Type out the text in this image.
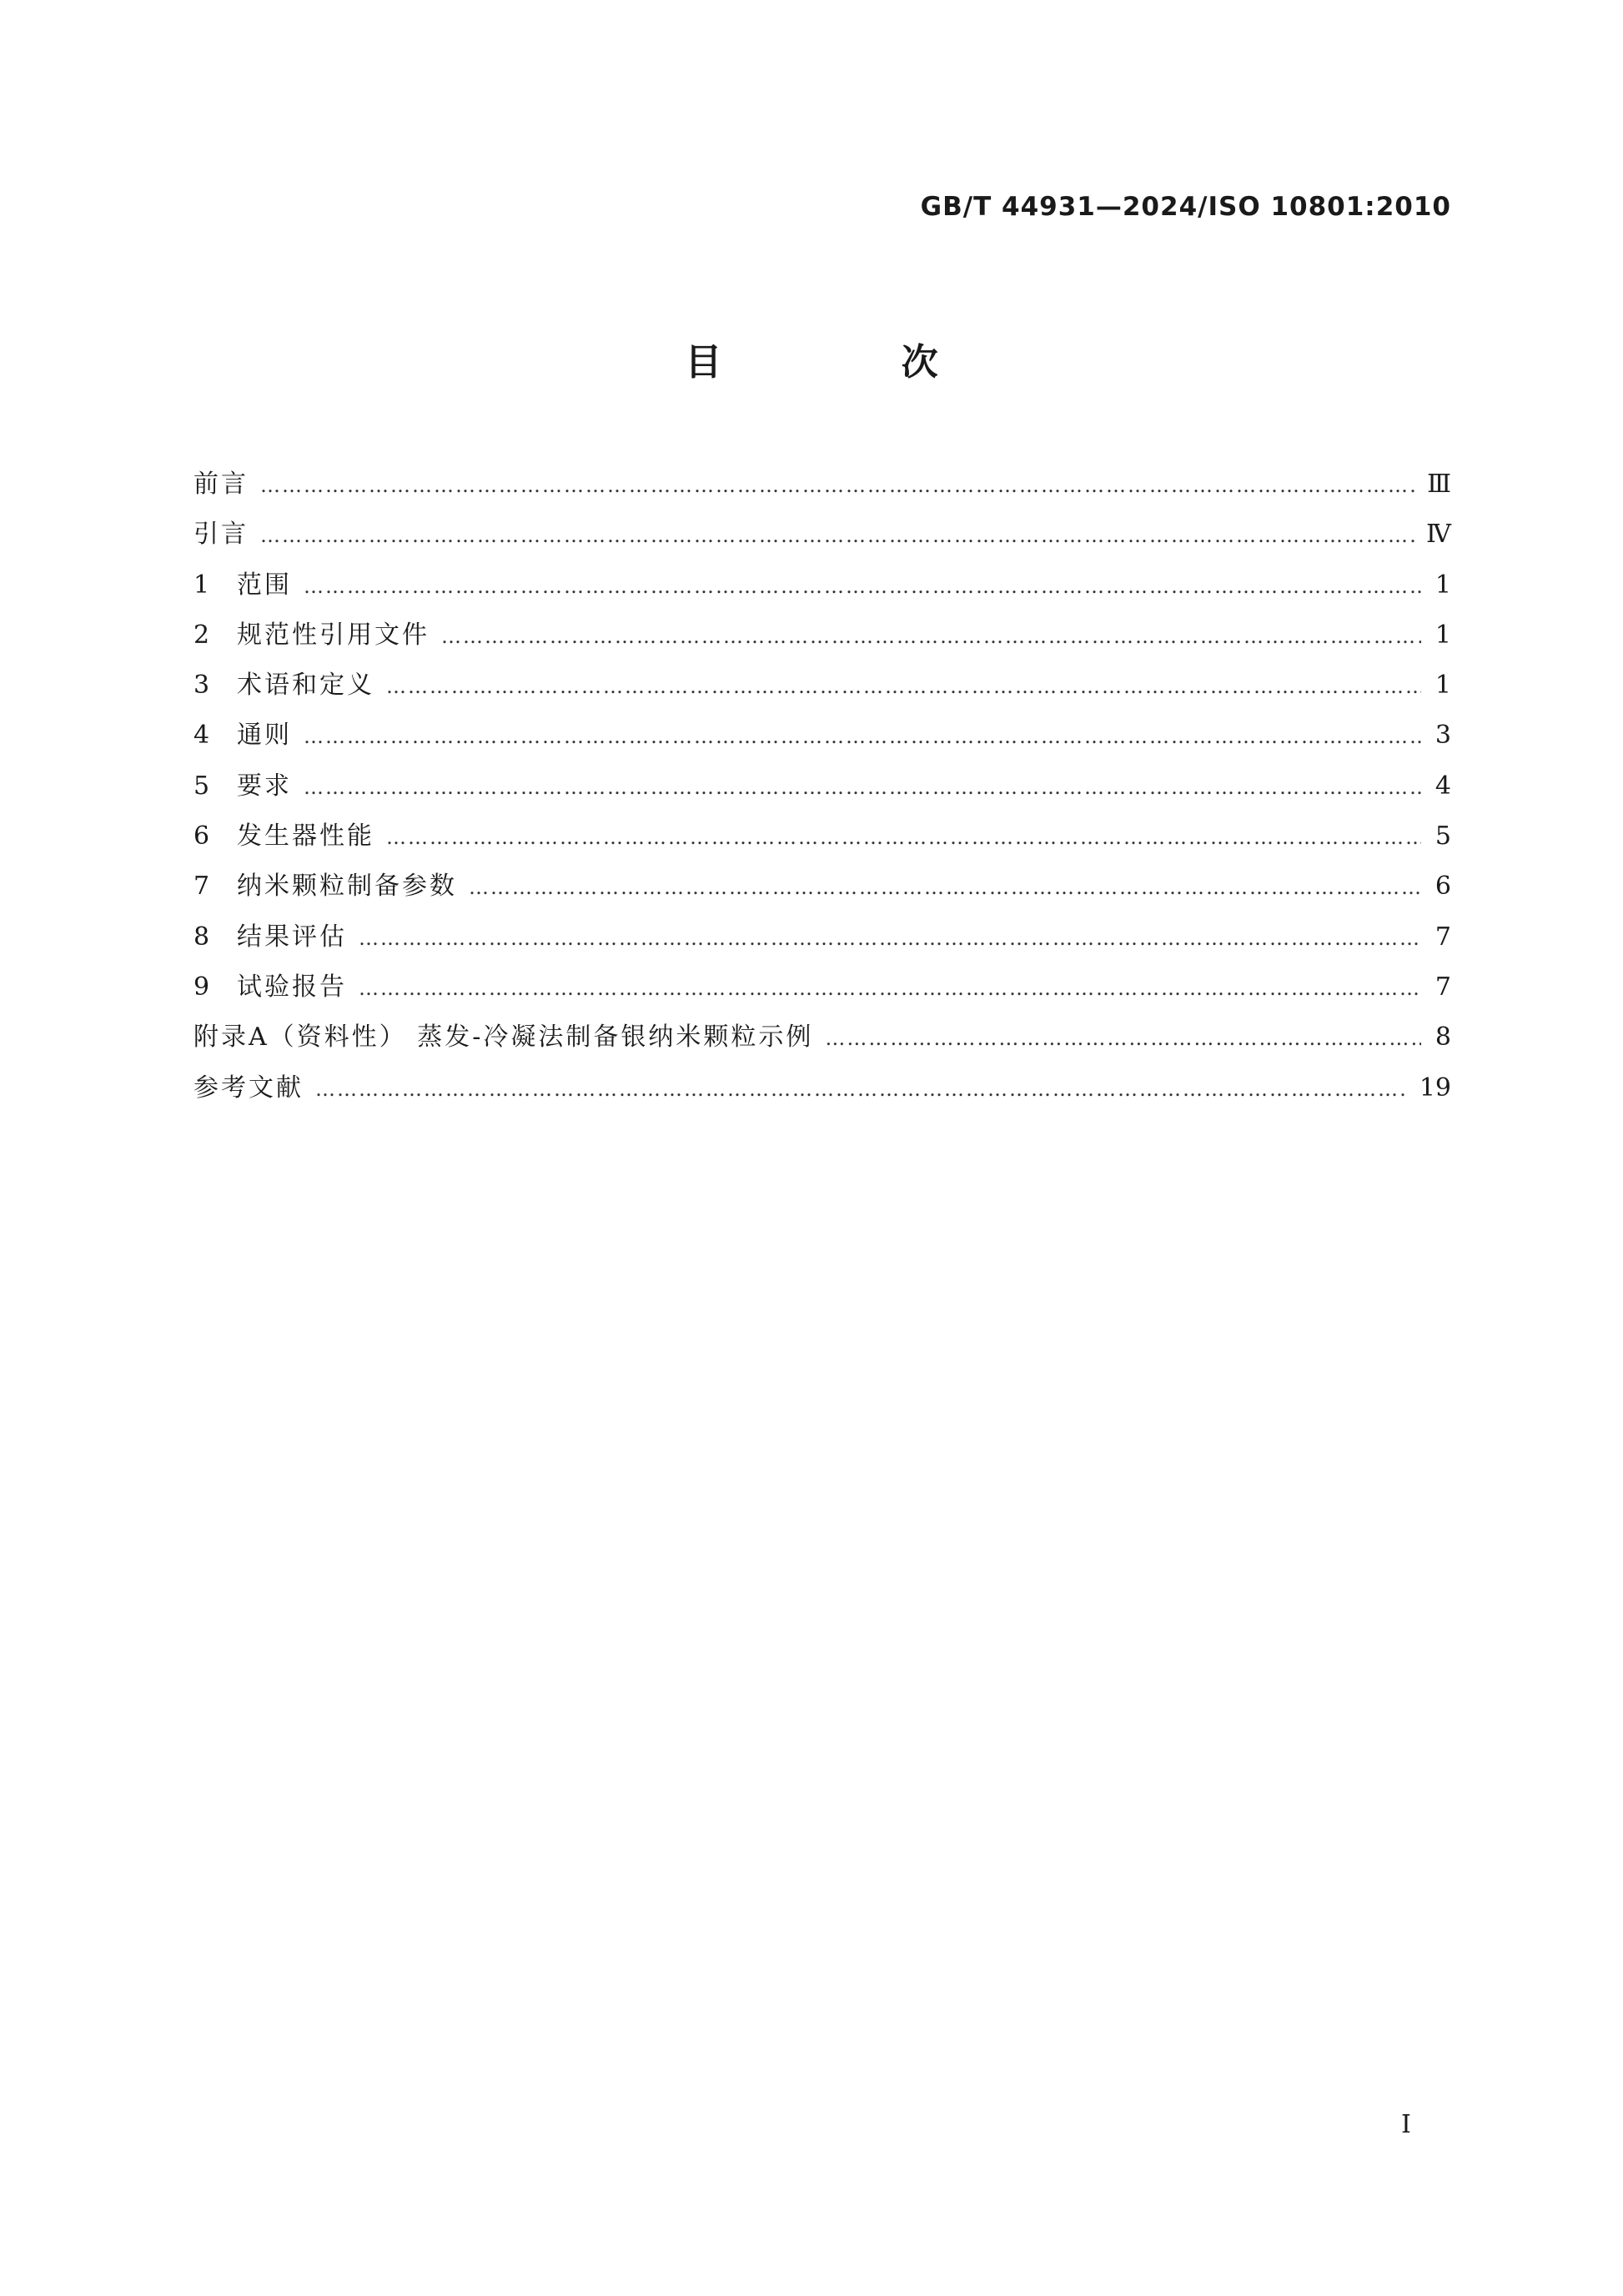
GB/T 44931—2024/ISO 10801:2010
目 次
前言 ……………………………………………………………………………………………………………………………………………………………………………………………………………………………………………	Ⅲ
引言 ……………………………………………………………………………………………………………………………………………………………………………………………………………………………………………	Ⅳ
1	范围 ……………………………………………………………………………………………………………………………………………………………………………………………………………………………………………	1
2	规范性引用文件 ……………………………………………………………………………………………………………………………………………………………………………………………………………………………………………	1
3	术语和定义 ……………………………………………………………………………………………………………………………………………………………………………………………………………………………………………	1
4	通则 ……………………………………………………………………………………………………………………………………………………………………………………………………………………………………………	3
5	要求 ……………………………………………………………………………………………………………………………………………………………………………………………………………………………………………	4
6	发生器性能 ……………………………………………………………………………………………………………………………………………………………………………………………………………………………………………	5
7	纳米颗粒制备参数 ……………………………………………………………………………………………………………………………………………………………………………………………………………………………………………	6
8	结果评估 ……………………………………………………………………………………………………………………………………………………………………………………………………………………………………………	7
9	试验报告 ……………………………………………………………………………………………………………………………………………………………………………………………………………………………………………	7
附录A（资料性） 蒸发-冷凝法制备银纳米颗粒示例 ……………………………………………………………………………………………………………………………………………………………………………………………………………………………………………	8
参考文献 ……………………………………………………………………………………………………………………………………………………………………………………………………………………………………………	19
Ⅰ
